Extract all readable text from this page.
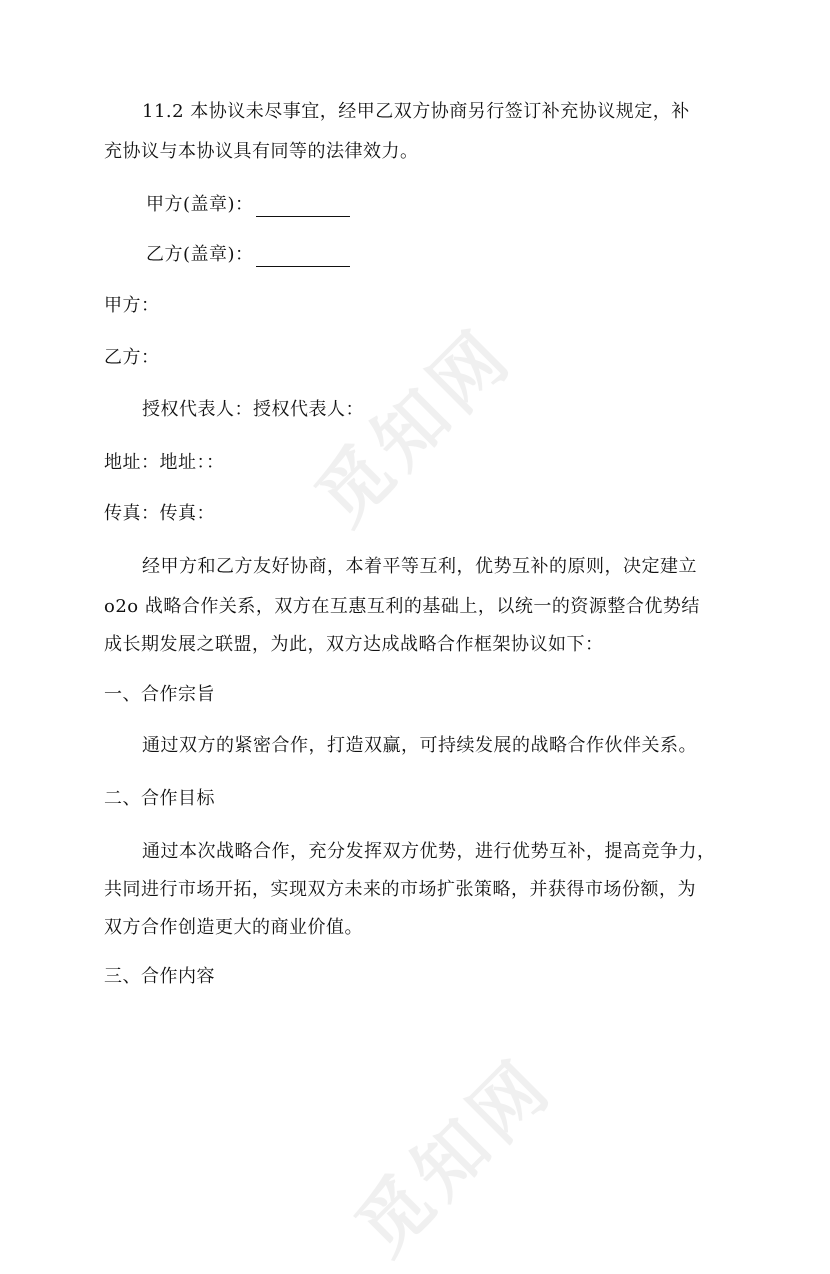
觅知网
觅知网
11.2 本协议未尽事宜，经甲乙双方协商另行签订补充协议规定，补
充协议与本协议具有同等的法律效力。
甲方(盖章)：
乙方(盖章)：
甲方：
乙方：
授权代表人：授权代表人：
地址：地址：：
传真：传真：
经甲方和乙方友好协商，本着平等互利，优势互补的原则，决定建立
o2o 战略合作关系，双方在互惠互利的基础上，以统一的资源整合优势结
成长期发展之联盟，为此，双方达成战略合作框架协议如下：
一、合作宗旨
通过双方的紧密合作，打造双赢，可持续发展的战略合作伙伴关系。
二、合作目标
通过本次战略合作，充分发挥双方优势，进行优势互补，提高竞争力，
共同进行市场开拓，实现双方未来的市场扩张策略，并获得市场份额，为
双方合作创造更大的商业价值。
三、合作内容
